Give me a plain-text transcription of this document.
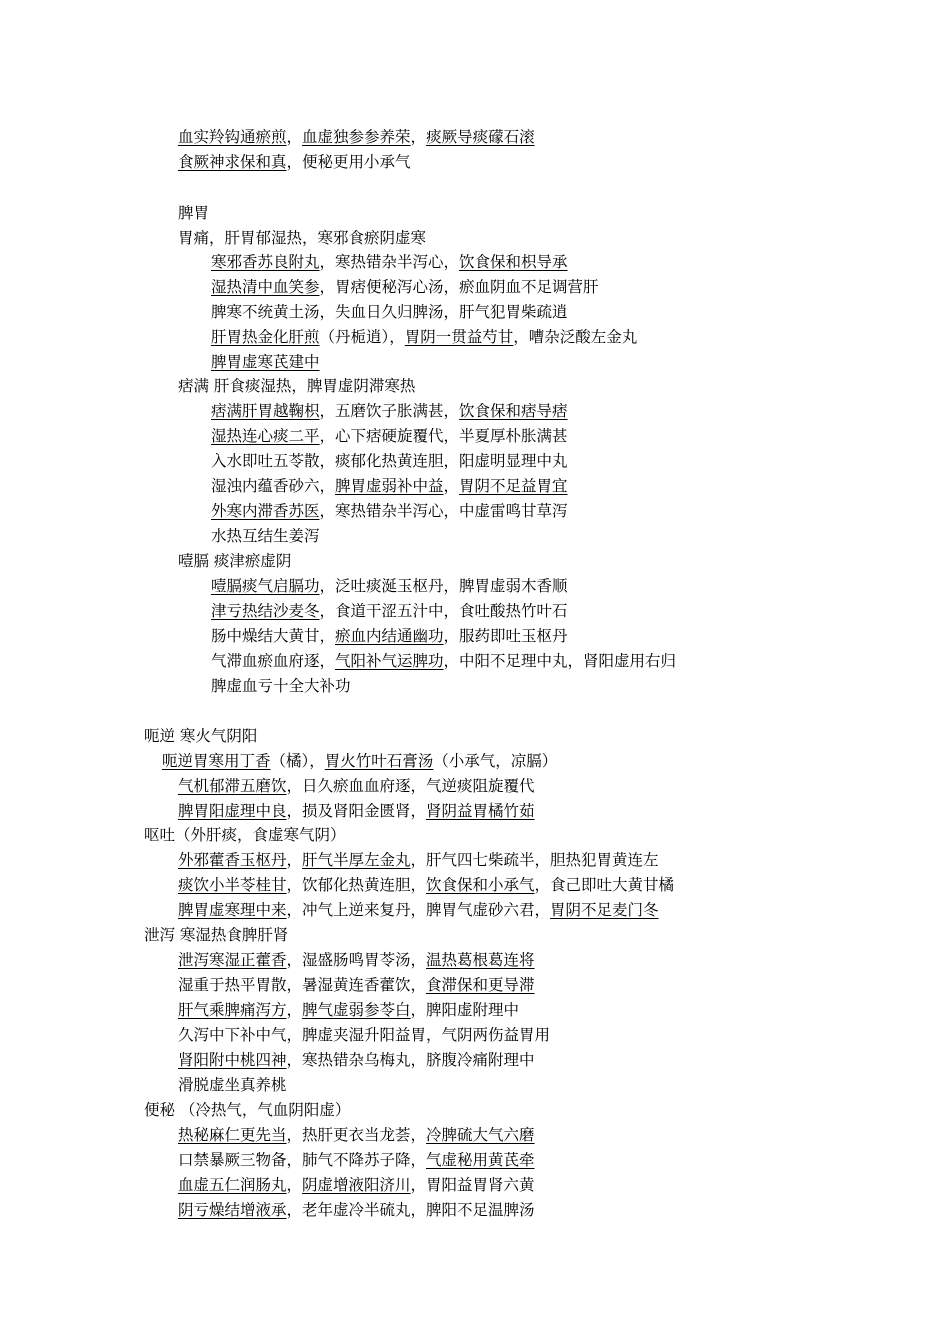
血实羚钩通瘀煎，血虚独参参养荣，痰厥导痰礞石滚
食厥神求保和真，便秘更用小承气
脾胃
胃痛，肝胃郁湿热，寒邪食瘀阴虚寒
寒邪香苏良附丸，寒热错杂半泻心，饮食保和枳导承
湿热清中血笑参，胃痞便秘泻心汤，瘀血阴血不足调营肝
脾寒不统黄土汤，失血日久归脾汤，肝气犯胃柴疏逍
肝胃热金化肝煎（丹栀逍），胃阴一贯益芍甘，嘈杂泛酸左金丸
脾胃虚寒芪建中
痞满 肝食痰湿热，脾胃虚阴滞寒热
痞满肝胃越鞠枳，五磨饮子胀满甚，饮食保和痞导痞
湿热连心痰二平，心下痞硬旋覆代，半夏厚朴胀满甚
入水即吐五苓散，痰郁化热黄连胆，阳虚明显理中丸
湿浊内蕴香砂六，脾胃虚弱补中益，胃阴不足益胃宜
外寒内滞香苏医，寒热错杂半泻心，中虚雷鸣甘草泻
水热互结生姜泻
噎膈 痰津瘀虚阴
噎膈痰气启膈功，泛吐痰涎玉枢丹，脾胃虚弱木香顺
津亏热结沙麦冬，食道干涩五汁中，食吐酸热竹叶石
肠中燥结大黄甘，瘀血内结通幽功，服药即吐玉枢丹
气滞血瘀血府逐，气阳补气运脾功，中阳不足理中丸，肾阳虚用右归
脾虚血亏十全大补功
呃逆 寒火气阴阳
呃逆胃寒用丁香（橘），胃火竹叶石膏汤（小承气，凉膈）
气机郁滞五磨饮，日久瘀血血府逐，气逆痰阻旋覆代
脾胃阳虚理中良，损及肾阳金匮肾，肾阴益胃橘竹茹
呕吐（外肝痰，食虚寒气阴）
外邪藿香玉枢丹，肝气半厚左金丸，肝气四七柴疏半，胆热犯胃黄连左
痰饮小半苓桂甘，饮郁化热黄连胆，饮食保和小承气，食己即吐大黄甘橘
脾胃虚寒理中来，冲气上逆来复丹，脾胃气虚砂六君，胃阴不足麦门冬
泄泻 寒湿热食脾肝肾
泄泻寒湿正藿香，湿盛肠鸣胃苓汤，温热葛根葛连将
湿重于热平胃散，暑湿黄连香藿饮，食滞保和更导滞
肝气乘脾痛泻方，脾气虚弱参苓白，脾阳虚附理中
久泻中下补中气，脾虚夹湿升阳益胃，气阴两伤益胃用
肾阳附中桃四神，寒热错杂乌梅丸，脐腹冷痛附理中
滑脱虚坐真养桃
便秘 （冷热气，气血阴阳虚）
热秘麻仁更先当，热肝更衣当龙荟，冷脾硫大气六磨
口禁暴厥三物备，肺气不降苏子降，气虚秘用黄芪牵
血虚五仁润肠丸，阴虚增液阳济川，胃阳益胃肾六黄
阴亏燥结增液承，老年虚冷半硫丸，脾阳不足温脾汤
